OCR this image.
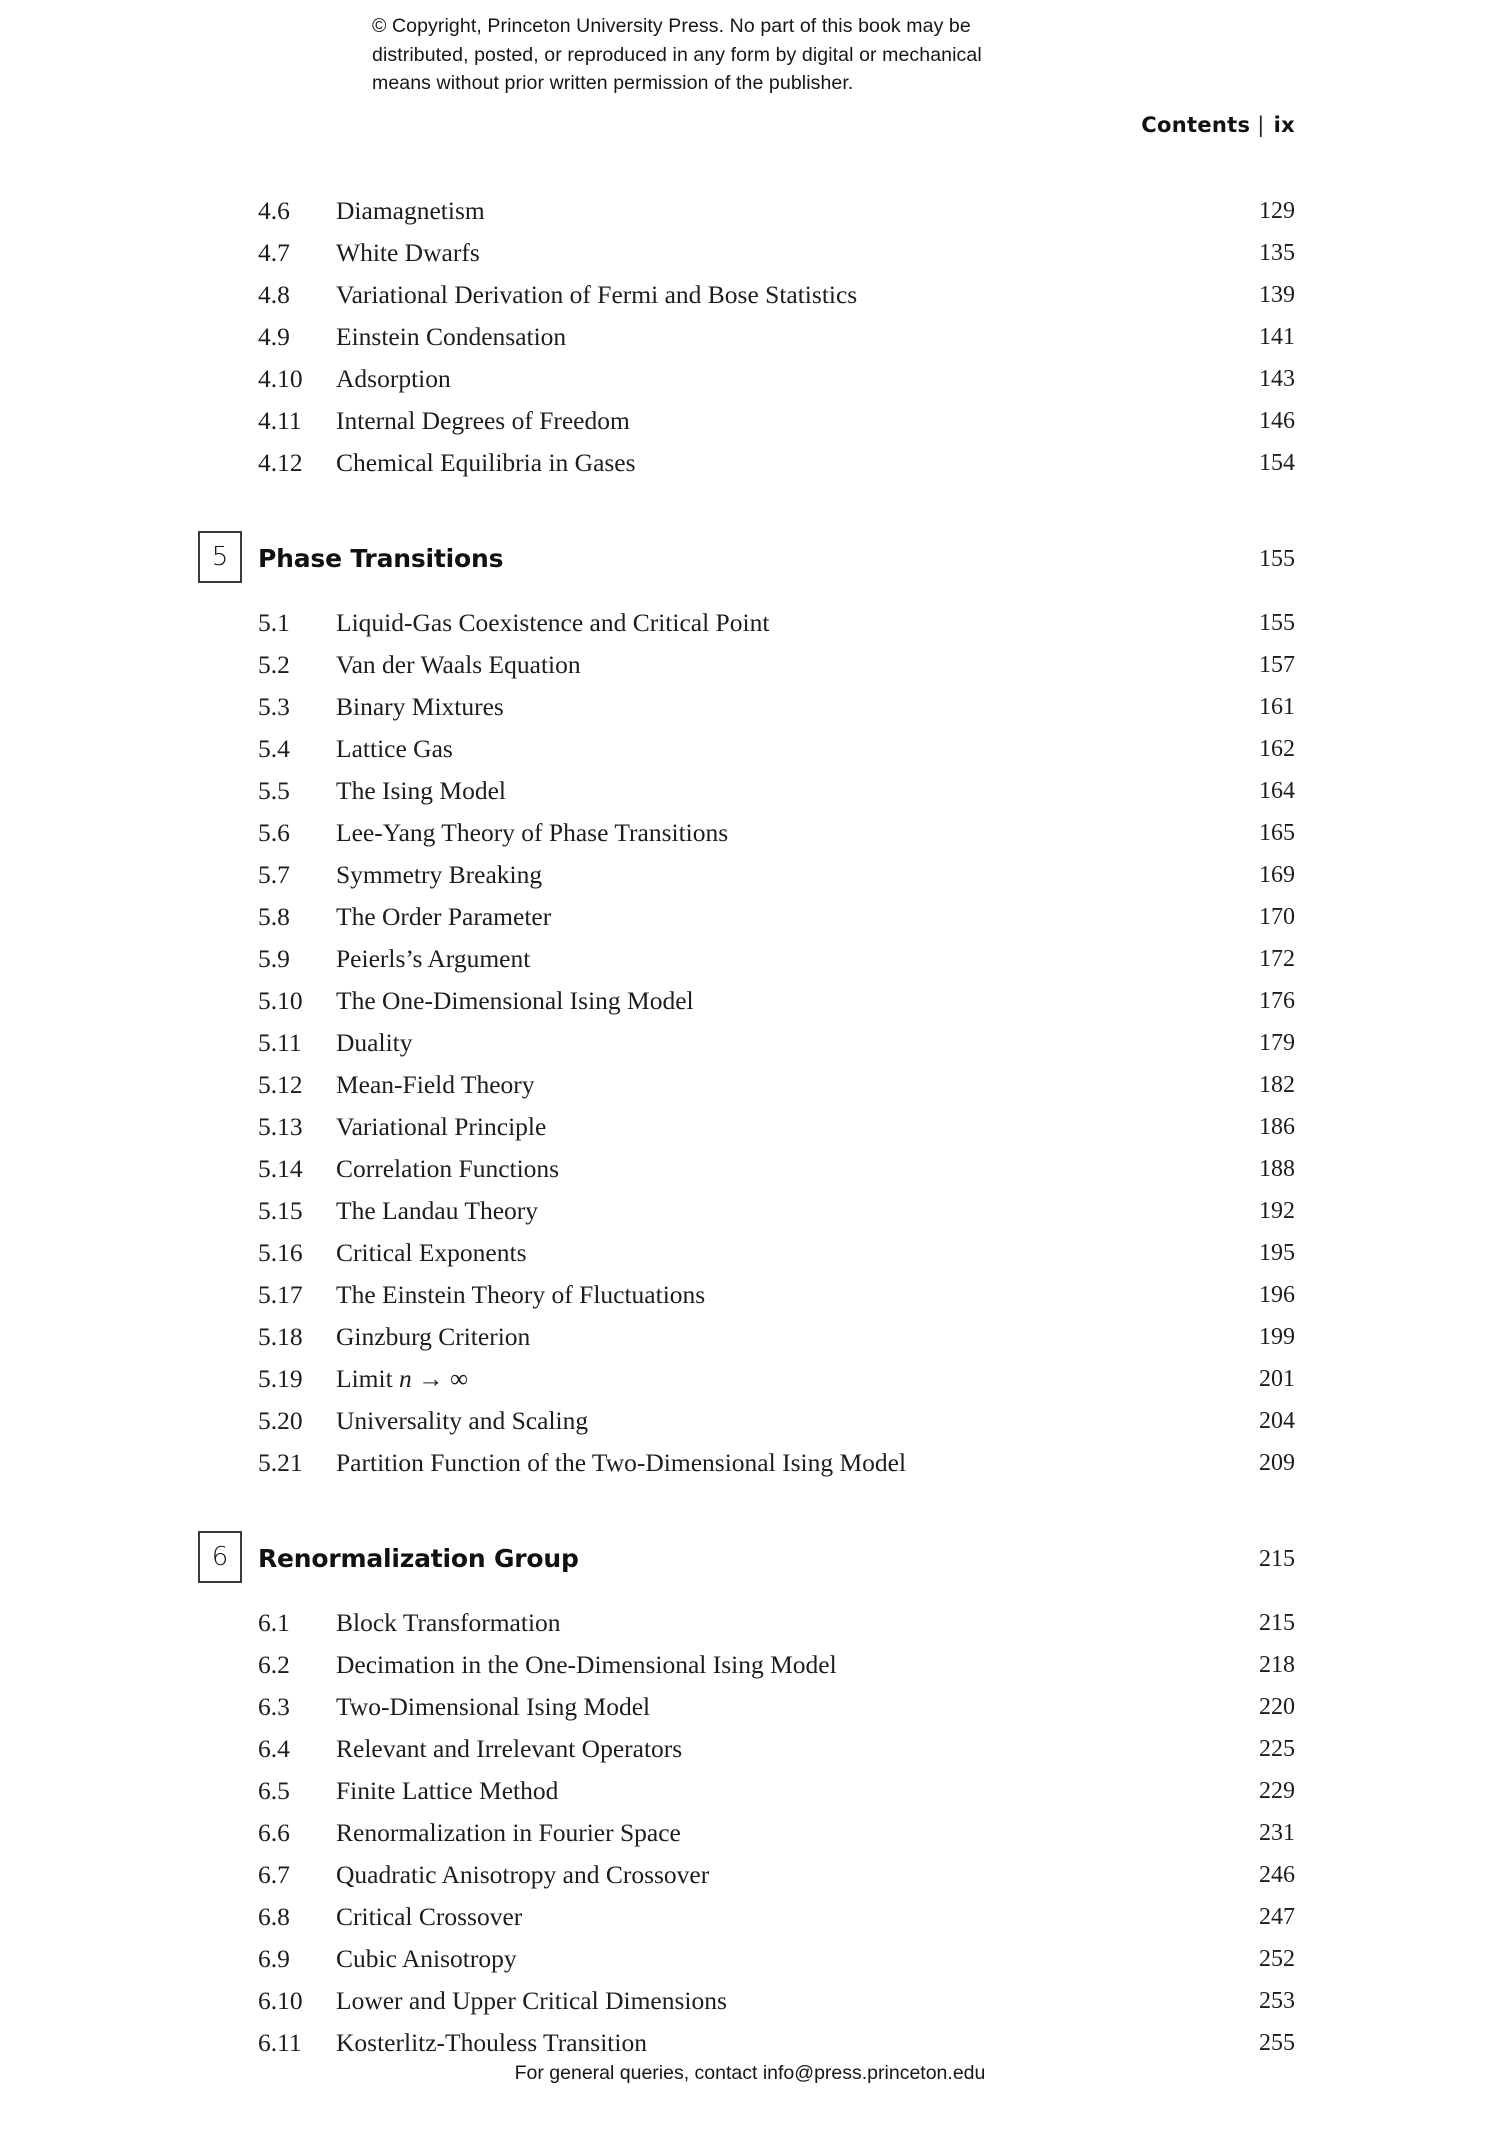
© Copyright, Princeton University Press. No part of this book may be
distributed, posted, or reproduced in any form by digital or mechanical
means without prior written permission of the publisher.
Contents | ix
4.6 Diamagnetism	129
4.7 White Dwarfs	135
4.8 Variational Derivation of Fermi and Bose Statistics	139
4.9 Einstein Condensation	141
4.10 Adsorption	143
4.11 Internal Degrees of Freedom	146
4.12 Chemical Equilibria in Gases	154
5	Phase Transitions	155
5.1 Liquid-Gas Coexistence and Critical Point	155
5.2 Van der Waals Equation	157
5.3 Binary Mixtures	161
5.4 Lattice Gas	162
5.5 The Ising Model	164
5.6 Lee-Yang Theory of Phase Transitions	165
5.7 Symmetry Breaking	169
5.8 The Order Parameter	170
5.9 Peierls’s Argument	172
5.10 The One-Dimensional Ising Model	176
5.11 Duality	179
5.12 Mean-Field Theory	182
5.13 Variational Principle	186
5.14 Correlation Functions	188
5.15 The Landau Theory	192
5.16 Critical Exponents	195
5.17 The Einstein Theory of Fluctuations	196
5.18 Ginzburg Criterion	199
5.19 Limit n → ∞	201
5.20 Universality and Scaling	204
5.21 Partition Function of the Two-Dimensional Ising Model	209
6	Renormalization Group	215
6.1 Block Transformation	215
6.2 Decimation in the One-Dimensional Ising Model	218
6.3 Two-Dimensional Ising Model	220
6.4 Relevant and Irrelevant Operators	225
6.5 Finite Lattice Method	229
6.6 Renormalization in Fourier Space	231
6.7 Quadratic Anisotropy and Crossover	246
6.8 Critical Crossover	247
6.9 Cubic Anisotropy	252
6.10 Lower and Upper Critical Dimensions	253
6.11 Kosterlitz-Thouless Transition	255
For general queries, contact info@press.princeton.edu
